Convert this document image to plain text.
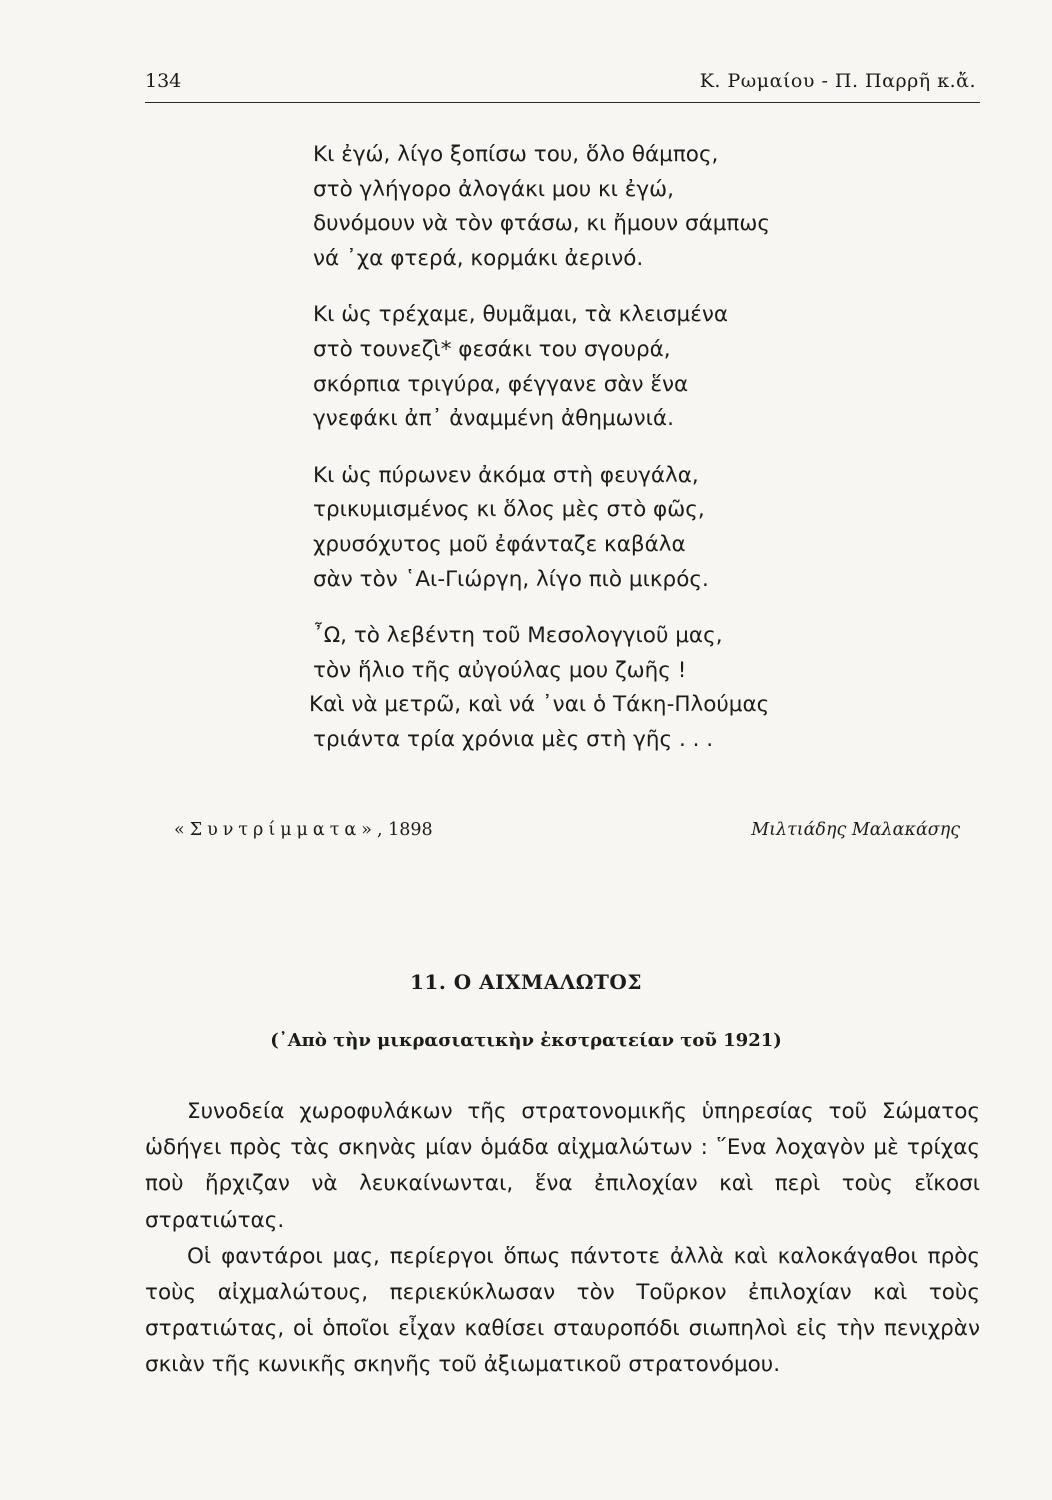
134	Κ. Ρωμαίου - Π. Παρρῆ κ.ἄ.
Κι ἐγώ, λίγο ξοπίσω του, ὅλο θάμπος,
στὸ γλήγορο ἀλογάκι μου κι ἐγώ,
δυνόμουν νὰ τὸν φτάσω, κι ἤμουν σάμπως
νά ᾽χα φτερά, κορμάκι ἀερινό.
Κι ὡς τρέχαμε, θυμᾶμαι, τὰ κλεισμένα
στὸ τουνεζὶ* φεσάκι του σγουρά,
σκόρπια τριγύρα, φέγγανε σὰν ἕνα
γνεφάκι ἀπ᾽ ἀναμμένη ἀθημωνιά.
Κι ὡς πύρωνεν ἀκόμα στὴ φευγάλα,
τρικυμισμένος κι ὅλος μὲς στὸ φῶς,
χρυσόχυτος μοῦ ἐφάνταζε καβάλα
σὰν τὸν ῾Αι-Γιώργη, λίγο πιὸ μικρός.
῏Ω, τὸ λεβέντη τοῦ Μεσολογγιοῦ μας,
τὸν ἥλιο τῆς αὐγούλας μου ζωῆς !
Καὶ νὰ μετρῶ, καὶ νά ᾽ναι ὁ Τάκη-Πλούμας
τριάντα τρία χρόνια μὲς στὴ γῆς . . .
«Συντρίμματα», 1898	Μιλτιάδης Μαλακάσης
11. Ο ΑΙΧΜΑΛΩΤΟΣ
(᾽Απὸ τὴν μικρασιατικὴν ἐκστρατείαν τοῦ 1921)

Συνοδεία χωροφυλάκων τῆς στρατονομικῆς ὑπηρεσίας τοῦ Σώματος ὡδήγει πρὸς τὰς σκηνὰς μίαν ὁμάδα αἰχμαλώτων : ῞Ενα λοχαγὸν μὲ τρίχας ποὺ ἤρχιζαν νὰ λευκαίνωνται, ἕνα ἐπιλοχίαν καὶ περὶ τοὺς εἴκοσι στρατιώτας.

Οἱ φαντάροι μας, περίεργοι ὅπως πάντοτε ἀλλὰ καὶ καλοκάγαθοι πρὸς τοὺς αἰχμαλώτους, περιεκύκλωσαν τὸν Τοῦρκον ἐπιλοχίαν καὶ τοὺς στρατιώτας, οἱ ὁποῖοι εἶχαν καθίσει σταυροπόδι σιωπηλοὶ εἰς τὴν πενιχρὰν σκιὰν τῆς κωνικῆς σκηνῆς τοῦ ἀξιωματικοῦ στρατονόμου.
